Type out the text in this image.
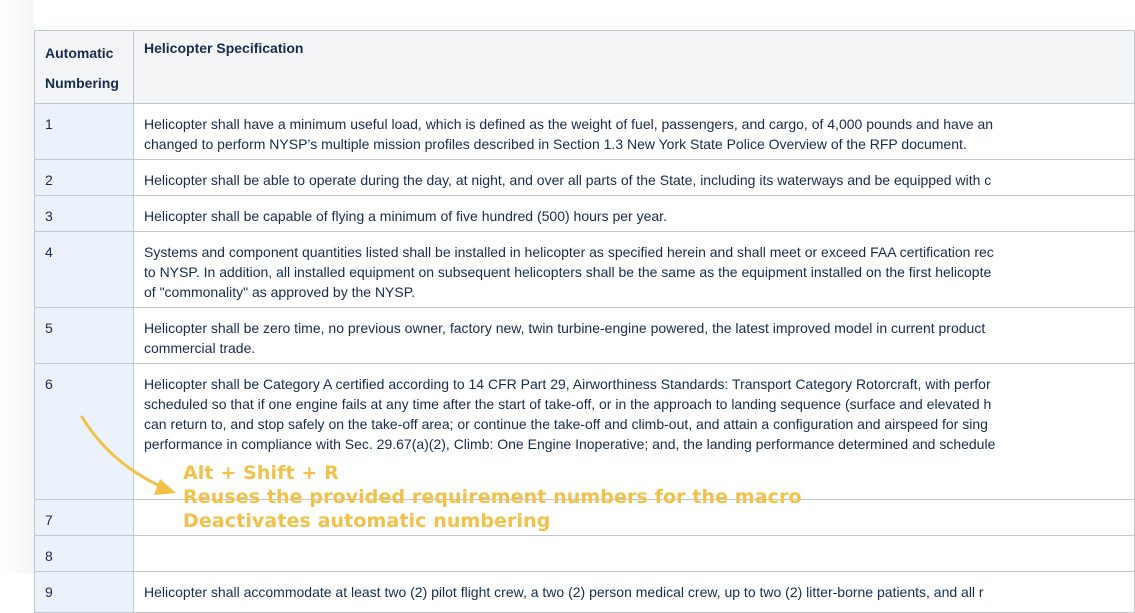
Automatic Numbering	Helicopter Specification
1	Helicopter shall have a minimum useful load, which is defined as the weight of fuel, passengers, and cargo, of 4,000 pounds and have an
changed to perform NYSP’s multiple mission profiles described in Section 1.3 New York State Police Overview of the RFP document.

2	Helicopter shall be able to operate during the day, at night, and over all parts of the State, including its waterways and be equipped with c

3	Helicopter shall be capable of flying a minimum of five hundred (500) hours per year.

4	Systems and component quantities listed shall be installed in helicopter as specified herein and shall meet or exceed FAA certification rec
to NYSP. In addition, all installed equipment on subsequent helicopters shall be the same as the equipment installed on the first helicopte
of "commonality" as approved by the NYSP.

5	Helicopter shall be zero time, no previous owner, factory new, twin turbine-engine powered, the latest improved model in current product
commercial trade.

6	Helicopter shall be Category A certified according to 14 CFR Part 29, Airworthiness Standards: Transport Category Rotorcraft, with perfor
scheduled so that if one engine fails at any time after the start of take-off, or in the approach to landing sequence (surface and elevated h
can return to, and stop safely on the take-off area; or continue the take-off and climb-out, and attain a configuration and airspeed for sing
performance in compliance with Sec. 29.67(a)(2), Climb: One Engine Inoperative; and, the landing performance determined and schedule

7	
8	
9	Helicopter shall accommodate at least two (2) pilot flight crew, a two (2) person medical crew, up to two (2) litter-borne patients, and all r
Alt + Shift + R
Reuses the provided requirement numbers for the macro
Deactivates automatic numbering
